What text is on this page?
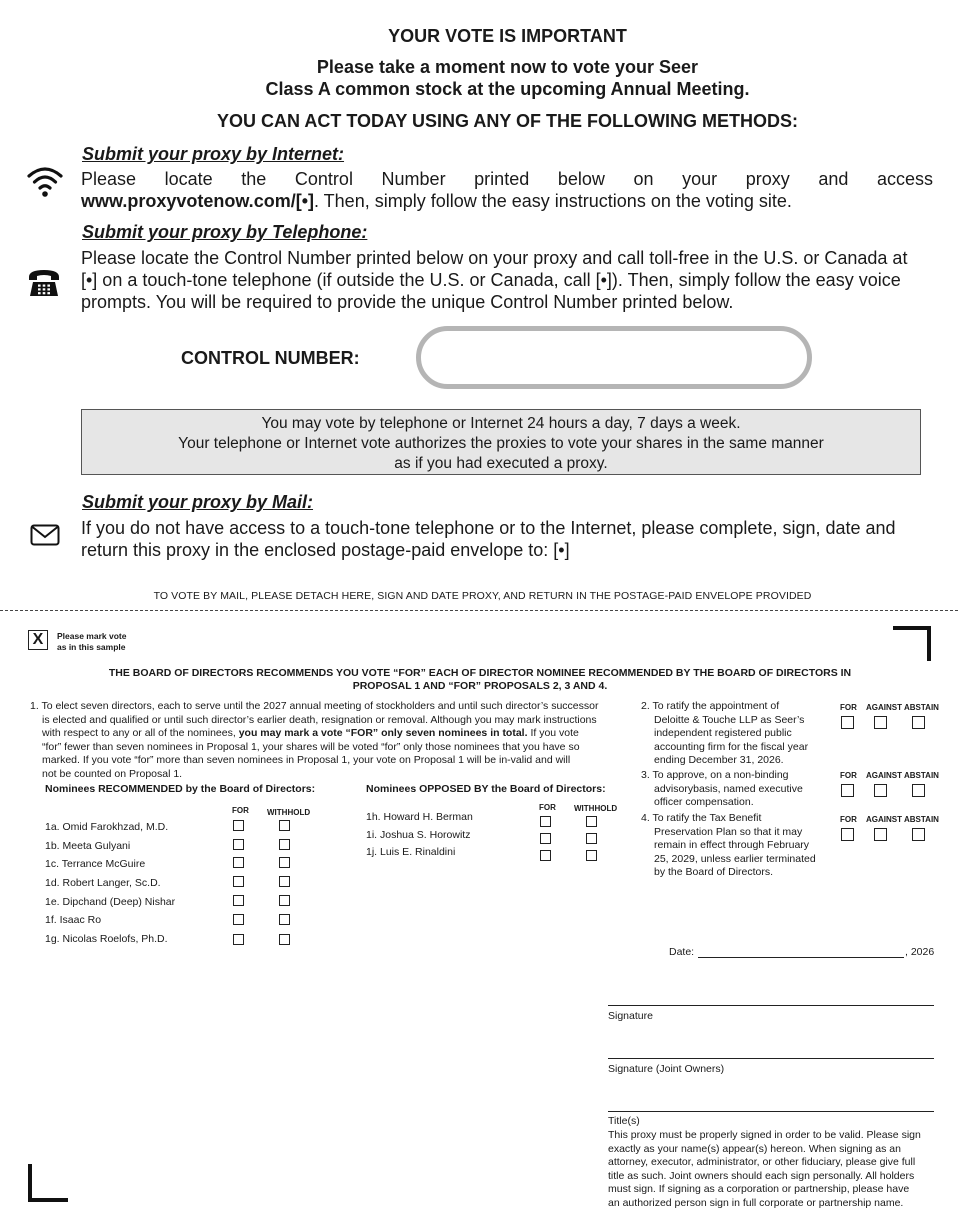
YOUR VOTE IS IMPORTANT
Please take a moment now to vote your Seer
Class A common stock at the upcoming Annual Meeting.
YOU CAN ACT TODAY USING ANY OF THE FOLLOWING METHODS:
Submit your proxy by Internet:
Please locate the Control Number printed below on your proxy and access
www.proxyvotenow.com/[•]. Then, simply follow the easy instructions on the voting site.
Submit your proxy by Telephone:
Please locate the Control Number printed below on your proxy and call toll-free in the U.S. or Canada at
[•] on a touch-tone telephone (if outside the U.S. or Canada, call [•]). Then, simply follow the easy voice
prompts. You will be required to provide the unique Control Number printed below.
CONTROL NUMBER:
You may vote by telephone or Internet 24 hours a day, 7 days a week.
Your telephone or Internet vote authorizes the proxies to vote your shares in the same manner
as if you had executed a proxy.
Submit your proxy by Mail:
If you do not have access to a touch-tone telephone or to the Internet, please complete, sign, date and
return this proxy in the enclosed postage-paid envelope to: [•]
TO VOTE BY MAIL, PLEASE DETACH HERE, SIGN AND DATE PROXY, AND RETURN IN THE POSTAGE-PAID ENVELOPE PROVIDED
X	Please mark vote
as in this sample
THE BOARD OF DIRECTORS RECOMMENDS YOU VOTE “FOR” EACH OF DIRECTOR NOMINEE RECOMMENDED BY THE BOARD OF DIRECTORS IN
PROPOSAL 1 AND “FOR” PROPOSALS 2, 3 AND 4.
1. To elect seven directors, each to serve until the 2027 annual meeting of stockholders and until such director’s successor
is elected and qualified or until such director’s earlier death, resignation or removal. Although you may mark instructions
with respect to any or all of the nominees, you may mark a vote “FOR” only seven nominees in total. If you vote
“for” fewer than seven nominees in Proposal 1, your shares will be voted “for” only those nominees that you have so
marked. If you vote “for” more than seven nominees in Proposal 1, your vote on Proposal 1 will be in-valid and will
not be counted on Proposal 1.
Nominees RECOMMENDED by the Board of Directors:
FOR WITHHOLD
1a. Omid Farokhzad, M.D.
1b. Meeta Gulyani
1c. Terrance McGuire
1d. Robert Langer, Sc.D.
1e. Dipchand (Deep) Nishar
1f. Isaac Ro
1g. Nicolas Roelofs, Ph.D.
Nominees OPPOSED BY the Board of Directors:
FOR WITHHOLD
1h. Howard H. Berman
1i. Joshua S. Horowitz
1j. Luis E. Rinaldini
2. To ratify the appointment of
Deloitte & Touche LLP as Seer’s
independent registered public
accounting firm for the fiscal year
ending December 31, 2026.
FOR AGAINST ABSTAIN
3. To approve, on a non-binding
advisorybasis, named executive
officer compensation.
FOR AGAINST ABSTAIN
4. To ratify the Tax Benefit
Preservation Plan so that it may
remain in effect through February
25, 2029, unless earlier terminated
by the Board of Directors.
FOR AGAINST ABSTAIN
Date:	, 2026
Signature
Signature (Joint Owners)
Title(s)
This proxy must be properly signed in order to be valid. Please sign
exactly as your name(s) appear(s) hereon. When signing as an
attorney, executor, administrator, or other fiduciary, please give full
title as such. Joint owners should each sign personally. All holders
must sign. If signing as a corporation or partnership, please have
an authorized person sign in full corporate or partnership name.
